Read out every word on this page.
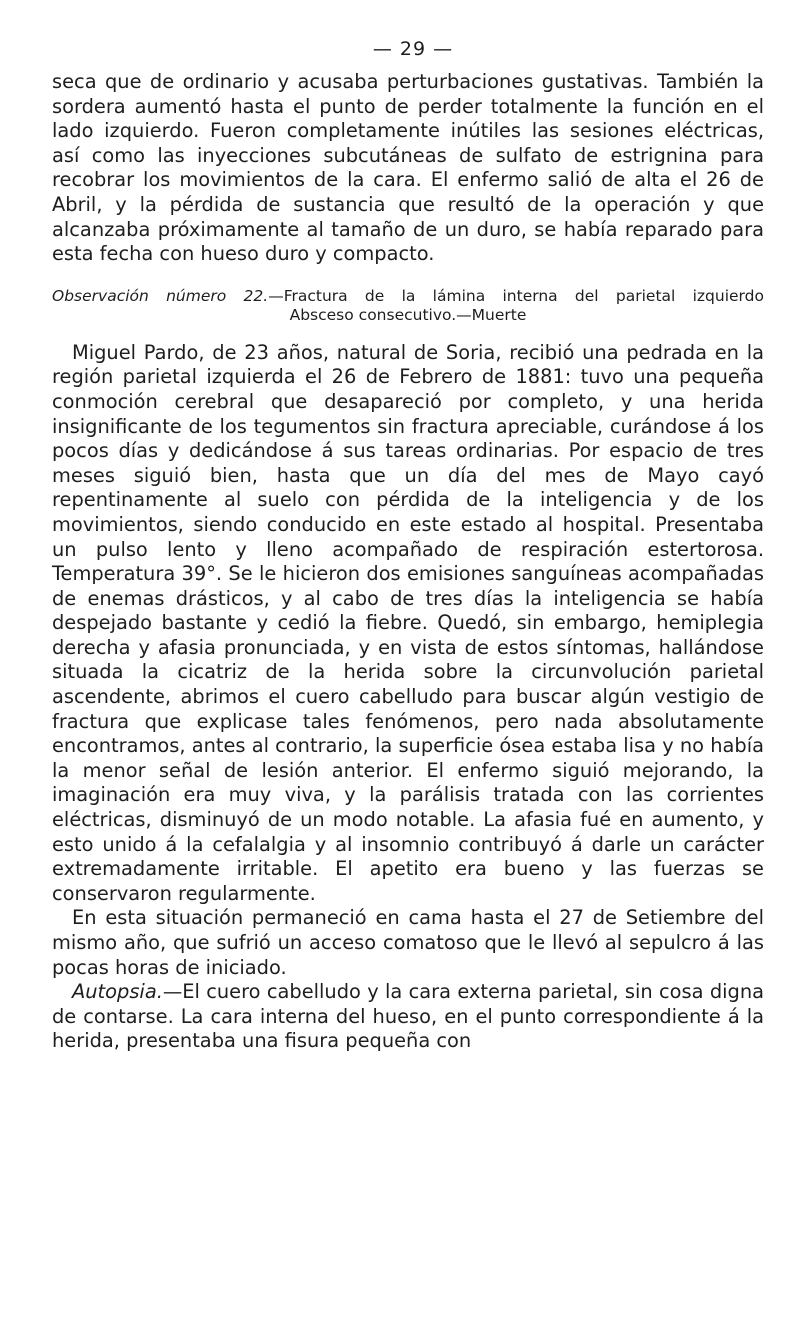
— 29 —

seca que de ordinario y acusaba perturbaciones gustativas. También la sordera aumentó hasta el punto de perder totalmente la función en el lado izquierdo. Fueron completamente inútiles las sesiones eléctricas, así como las inyecciones subcutáneas de sulfato de estrignina para recobrar los movimientos de la cara. El enfermo salió de alta el 26 de Abril, y la pérdida de sustancia que resultó de la operación y que alcanzaba próximamente al tamaño de un duro, se había reparado para esta fecha con hueso duro y compacto.

Observación número 22.—Fractura de la lámina interna del parietal izquierdo
Absceso consecutivo.—Muerte

Miguel Pardo, de 23 años, natural de Soria, recibió una pedrada en la región parietal izquierda el 26 de Febrero de 1881: tuvo una pequeña conmoción cerebral que desapareció por completo, y una herida insignificante de los tegumentos sin fractura apreciable, curándose á los pocos días y dedicándose á sus tareas ordinarias. Por espacio de tres meses siguió bien, hasta que un día del mes de Mayo cayó repentinamente al suelo con pérdida de la inteligencia y de los movimientos, siendo conducido en este estado al hospital. Presentaba un pulso lento y lleno acompañado de respiración estertorosa. Temperatura 39°. Se le hicieron dos emisiones sanguíneas acompañadas de enemas drásticos, y al cabo de tres días la inteligencia se había despejado bastante y cedió la fiebre. Quedó, sin embargo, hemiplegia derecha y afasia pronunciada, y en vista de estos síntomas, hallándose situada la cicatriz de la herida sobre la circunvolución parietal ascendente, abrimos el cuero cabelludo para buscar algún vestigio de fractura que explicase tales fenómenos, pero nada absolutamente encontramos, antes al contrario, la superficie ósea estaba lisa y no había la menor señal de lesión anterior. El enfermo siguió mejorando, la imaginación era muy viva, y la parálisis tratada con las corrientes eléctricas, disminuyó de un modo notable. La afasia fué en aumento, y esto unido á la cefalalgia y al insomnio contribuyó á darle un carácter extremadamente irritable. El apetito era bueno y las fuerzas se conservaron regularmente.

En esta situación permaneció en cama hasta el 27 de Setiembre del mismo año, que sufrió un acceso comatoso que le llevó al sepulcro á las pocas horas de iniciado.

Autopsia.—El cuero cabelludo y la cara externa parietal, sin cosa digna de contarse. La cara interna del hueso, en el punto correspondiente á la herida, presentaba una fisura pequeña con
